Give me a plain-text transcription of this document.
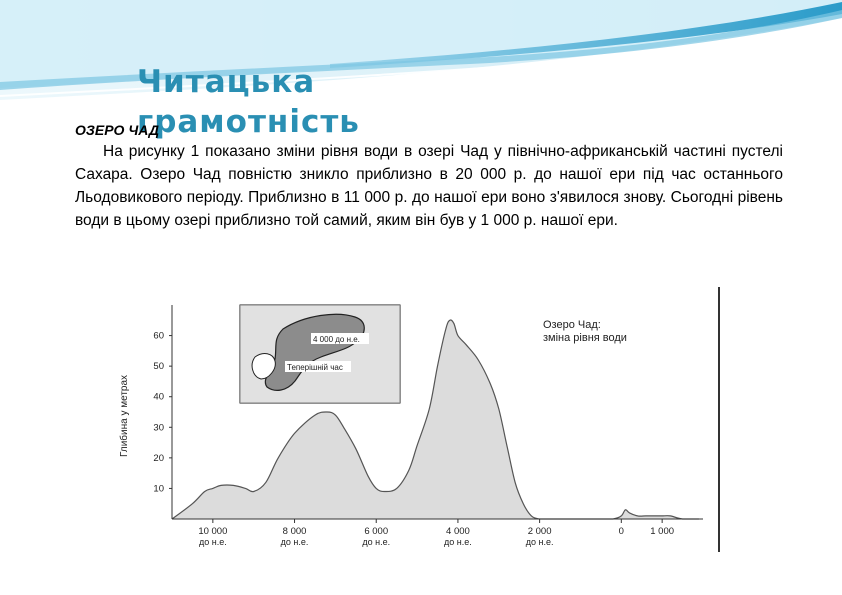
Читацька грамотність
ОЗЕРО ЧАД
На рисунку 1 показано зміни рівня води в озері Чад у північно-африканській частині пустелі Сахара. Озеро Чад повністю зникло приблизно в 20 000 р. до нашої ери під час останнього Льодовикового періоду. Приблизно в 11 000 р. до нашої ери воно з'явилося знову. Сьогодні рівень води в цьому озері приблизно той самий, яким він був у 1 000 р. нашої ери.
10
20
30
40
50
60
10 000
до н.е.
8 000
до н.е.
6 000
до н.е.
4 000
до н.е.
2 000
до н.е.
0	1 000
Глибина у метрах
Озеро Чад:
зміна рівня води
4 000 до н.е.
Теперішній час
